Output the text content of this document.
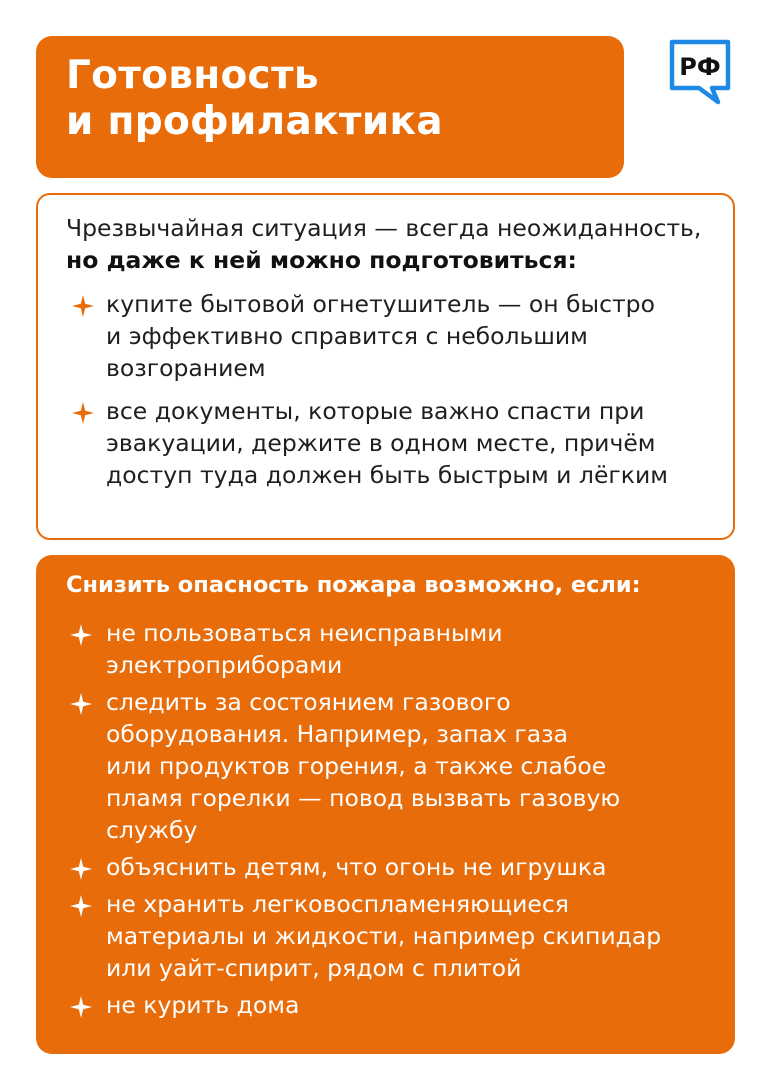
Готовность
и профилактика
РФ
Чрезвычайная ситуация — всегда неожиданность, но даже к ней можно подготовиться:
купите бытовой огнетушитель — он быстро
и эффективно справится с небольшим
возгоранием
все документы, которые важно спасти при
эвакуации, держите в одном месте, причём
доступ туда должен быть быстрым и лёгким
Снизить опасность пожара возможно, если:
не пользоваться неисправными
электроприборами
следить за состоянием газового
оборудования. Например, запах газа
или продуктов горения, а также слабое
пламя горелки — повод вызвать газовую
службу
объяснить детям, что огонь не игрушка
не хранить легковоспламеняющиеся
материалы и жидкости, например скипидар
или уайт-спирит, рядом с плитой
не курить дома
